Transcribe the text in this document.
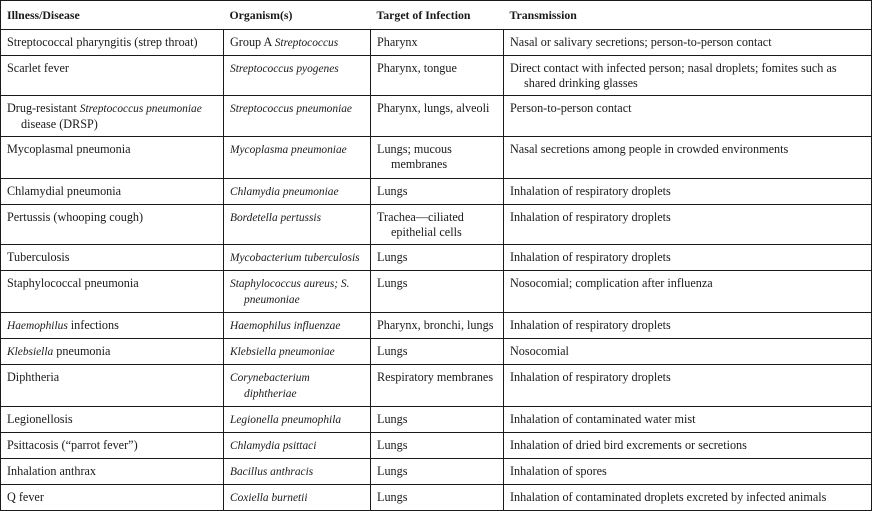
Illness/Disease	Organism(s)	Target of Infection	Transmission

Streptococcal pharyngitis (strep throat)	Group A Streptococcus	Pharynx	Nasal or salivary secretions; person-to-person contact

Scarlet fever	Streptococcus pyogenes	Pharynx, tongue	Direct contact with infected person; nasal droplets; fomites such as shared drinking glasses

Drug-resistant Streptococcus pneumoniae disease (DRSP)	Streptococcus pneumoniae	Pharynx, lungs, alveoli	Person-to-person contact

Mycoplasmal pneumonia	Mycoplasma pneumoniae	Lungs; mucous membranes	Nasal secretions among people in crowded environments

Chlamydial pneumonia	Chlamydia pneumoniae	Lungs	Inhalation of respiratory droplets

Pertussis (whooping cough)	Bordetella pertussis	Trachea—ciliated epithelial cells	Inhalation of respiratory droplets

Tuberculosis	Mycobacterium tuberculosis	Lungs	Inhalation of respiratory droplets

Staphylococcal pneumonia	Staphylococcus aureus; S. pneumoniae	Lungs	Nosocomial; complication after influenza

Haemophilus infections	Haemophilus influenzae	Pharynx, bronchi, lungs	Inhalation of respiratory droplets

Klebsiella pneumonia	Klebsiella pneumoniae	Lungs	Nosocomial

Diphtheria	Corynebacterium diphtheriae	Respiratory membranes	Inhalation of respiratory droplets

Legionellosis	Legionella pneumophila	Lungs	Inhalation of contaminated water mist

Psittacosis (“parrot fever”)	Chlamydia psittaci	Lungs	Inhalation of dried bird excrements or secretions

Inhalation anthrax	Bacillus anthracis	Lungs	Inhalation of spores

Q fever	Coxiella burnetii	Lungs	Inhalation of contaminated droplets excreted by infected animals
